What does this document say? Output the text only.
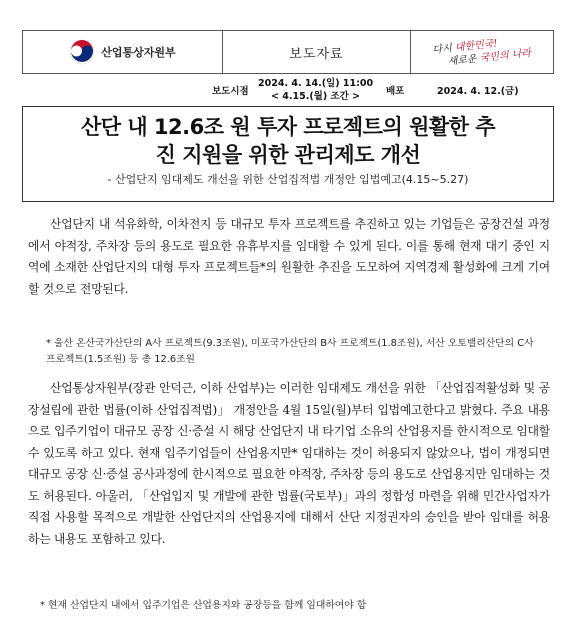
산업통상자원부	보도자료	다시 대한민국!
새로운 국민의 나라
보도시점
2024. 4. 14.(일) 11:00
< 4.15.(월) 조간 >	배포	2024. 4. 12.(금)
산단 내 12.6조 원 투자 프로젝트의 원활한 추
진 지원을 위한 관리제도 개선
- 산업단지 임대제도 개선을 위한 산업집적법 개정안 입법예고(4.15~5.27)
산업단지 내 석유화학, 이차전지 등 대규모 투자 프로젝트를 추진하고 있는 기업들은 공장건설 과정에서 야적장, 주차장 등의 용도로 필요한 유휴부지를 임대할 수 있게 된다. 이를 통해 현재 대기 중인 지역에 소재한 산업단지의 대형 투자 프로젝트들*의 원활한 추진을 도모하여 지역경제 활성화에 크게 기여할 것으로 전망된다.
* 울산 온산국가산단의 A사 프로젝트(9.3조원), 미포국가산단의 B사 프로젝트(1.8조원), 서산 오토밸리산단의 C사 프로젝트(1.5조원) 등 총 12.6조원
산업통상자원부(장관 안덕근, 이하 산업부)는 이러한 임대제도 개선을 위한 「산업집적활성화 및 공장설립에 관한 법률(이하 산업집적법)」 개정안을 4월 15일(월)부터 입법예고한다고 밝혔다. 주요 내용으로 입주기업이 대규모 공장 신·증설 시 해당 산업단지 내 타기업 소유의 산업용지를 한시적으로 임대할 수 있도록 하고 있다. 현재 입주기업들이 산업용지만* 임대하는 것이 허용되지 않았으나, 법이 개정되면 대규모 공장 신·증설 공사과정에 한시적으로 필요한 야적장, 주차장 등의 용도로 산업용지만 임대하는 것도 허용된다. 아울러, 「산업입지 및 개발에 관한 법률(국토부)」과의 정합성 마련을 위해 민간사업자가 직접 사용할 목적으로 개발한 산업단지의 산업용지에 대해서 산단 지정권자의 승인을 받아 임대를 허용하는 내용도 포함하고 있다.
* 현재 산업단지 내에서 입주기업은 산업용지와 공장등을 함께 임대하여야 함
